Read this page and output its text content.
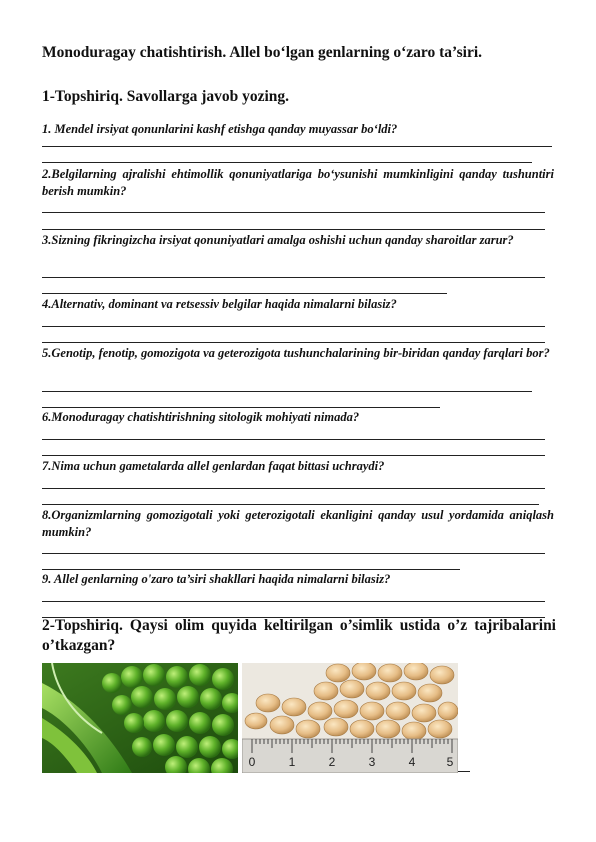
Monoduragay chatishtirish. Allel bo‘lgan genlarning o‘zaro ta’siri.
1-Topshiriq. Savollarga javob yozing.
1. Mendel irsiyat qonunlarini kashf etishga qanday muyassar bo‘ldi?
2.Belgilarning ajralishi ehtimollik qonuniyatlariga bo‘ysunishi mumkinligini qanday tushuntiri berish mumkin?
3.Sizning fikringizcha irsiyat qonuniyatlari amalga oshishi uchun qanday sharoitlar zarur?
4.Alternativ, dominant va retsessiv belgilar haqida nimalarni bilasiz?
5.Genotip, fenotip, gomozigota va geterozigota tushunchalarining bir-biridan qanday farqlari bor?
6.Monoduragay chatishtirishning sitologik mohiyati nimada?
7.Nima uchun gametalarda allel genlardan faqat bittasi uchraydi?
8.Organizmlarning gomozigotali yoki geterozigotali ekanligini qanday usul yordamida aniqlash mumkin?
9. Allel genlarning o'zaro ta’siri shakllari haqida nimalarni bilasiz?
2-Topshiriq. Qaysi olim quyida keltirilgan o’simlik ustida o’z tajribalarini o’tkazgan?
0	1	2	3	4	5
